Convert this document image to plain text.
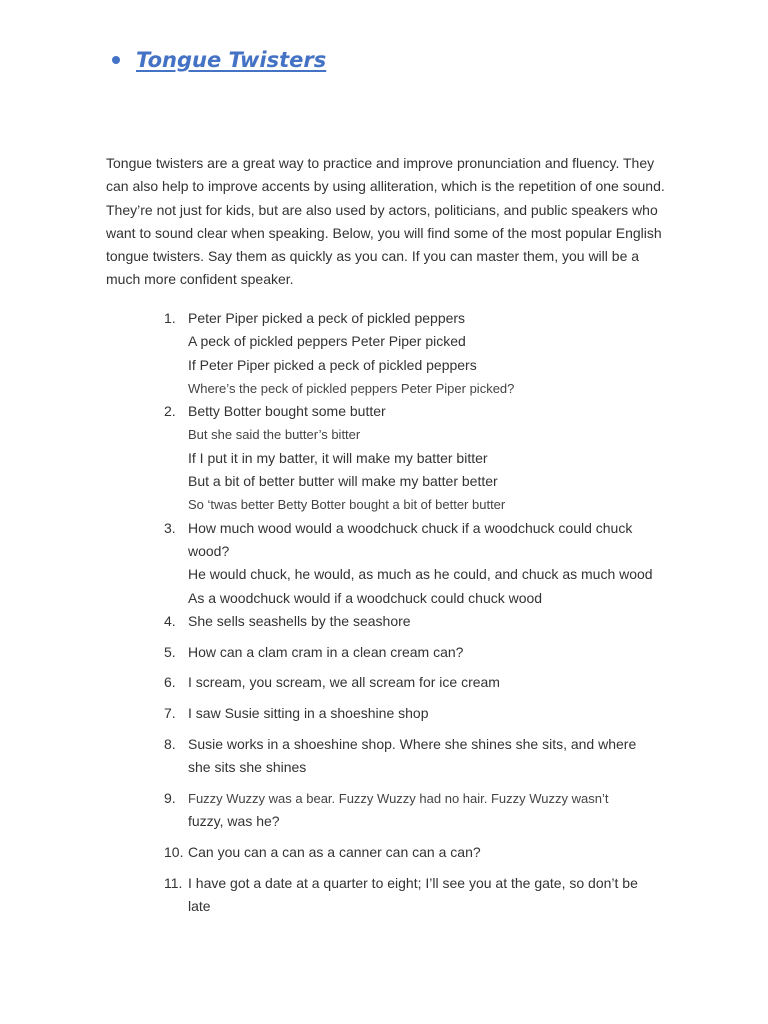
Tongue Twisters
Tongue twisters are a great way to practice and improve pronunciation and fluency. They
can also help to improve accents by using alliteration, which is the repetition of one sound.
They’re not just for kids, but are also used by actors, politicians, and public speakers who
want to sound clear when speaking. Below, you will find some of the most popular English
tongue twisters. Say them as quickly as you can. If you can master them, you will be a
much more confident speaker.
1. Peter Piper picked a peck of pickled peppers
A peck of pickled peppers Peter Piper picked
If Peter Piper picked a peck of pickled peppers
Where’s the peck of pickled peppers Peter Piper picked?
2. Betty Botter bought some butter
But she said the butter’s bitter
If I put it in my batter, it will make my batter bitter
But a bit of better butter will make my batter better
So ‘twas better Betty Botter bought a bit of better butter
3. How much wood would a woodchuck chuck if a woodchuck could chuck
wood?
He would chuck, he would, as much as he could, and chuck as much wood
As a woodchuck would if a woodchuck could chuck wood
4. She sells seashells by the seashore
5. How can a clam cram in a clean cream can?
6. I scream, you scream, we all scream for ice cream
7. I saw Susie sitting in a shoeshine shop
8. Susie works in a shoeshine shop. Where she shines she sits, and where
she sits she shines
9. Fuzzy Wuzzy was a bear. Fuzzy Wuzzy had no hair. Fuzzy Wuzzy wasn’t
fuzzy, was he?
10. Can you can a can as a canner can can a can?
11. I have got a date at a quarter to eight; I’ll see you at the gate, so don’t be
late
